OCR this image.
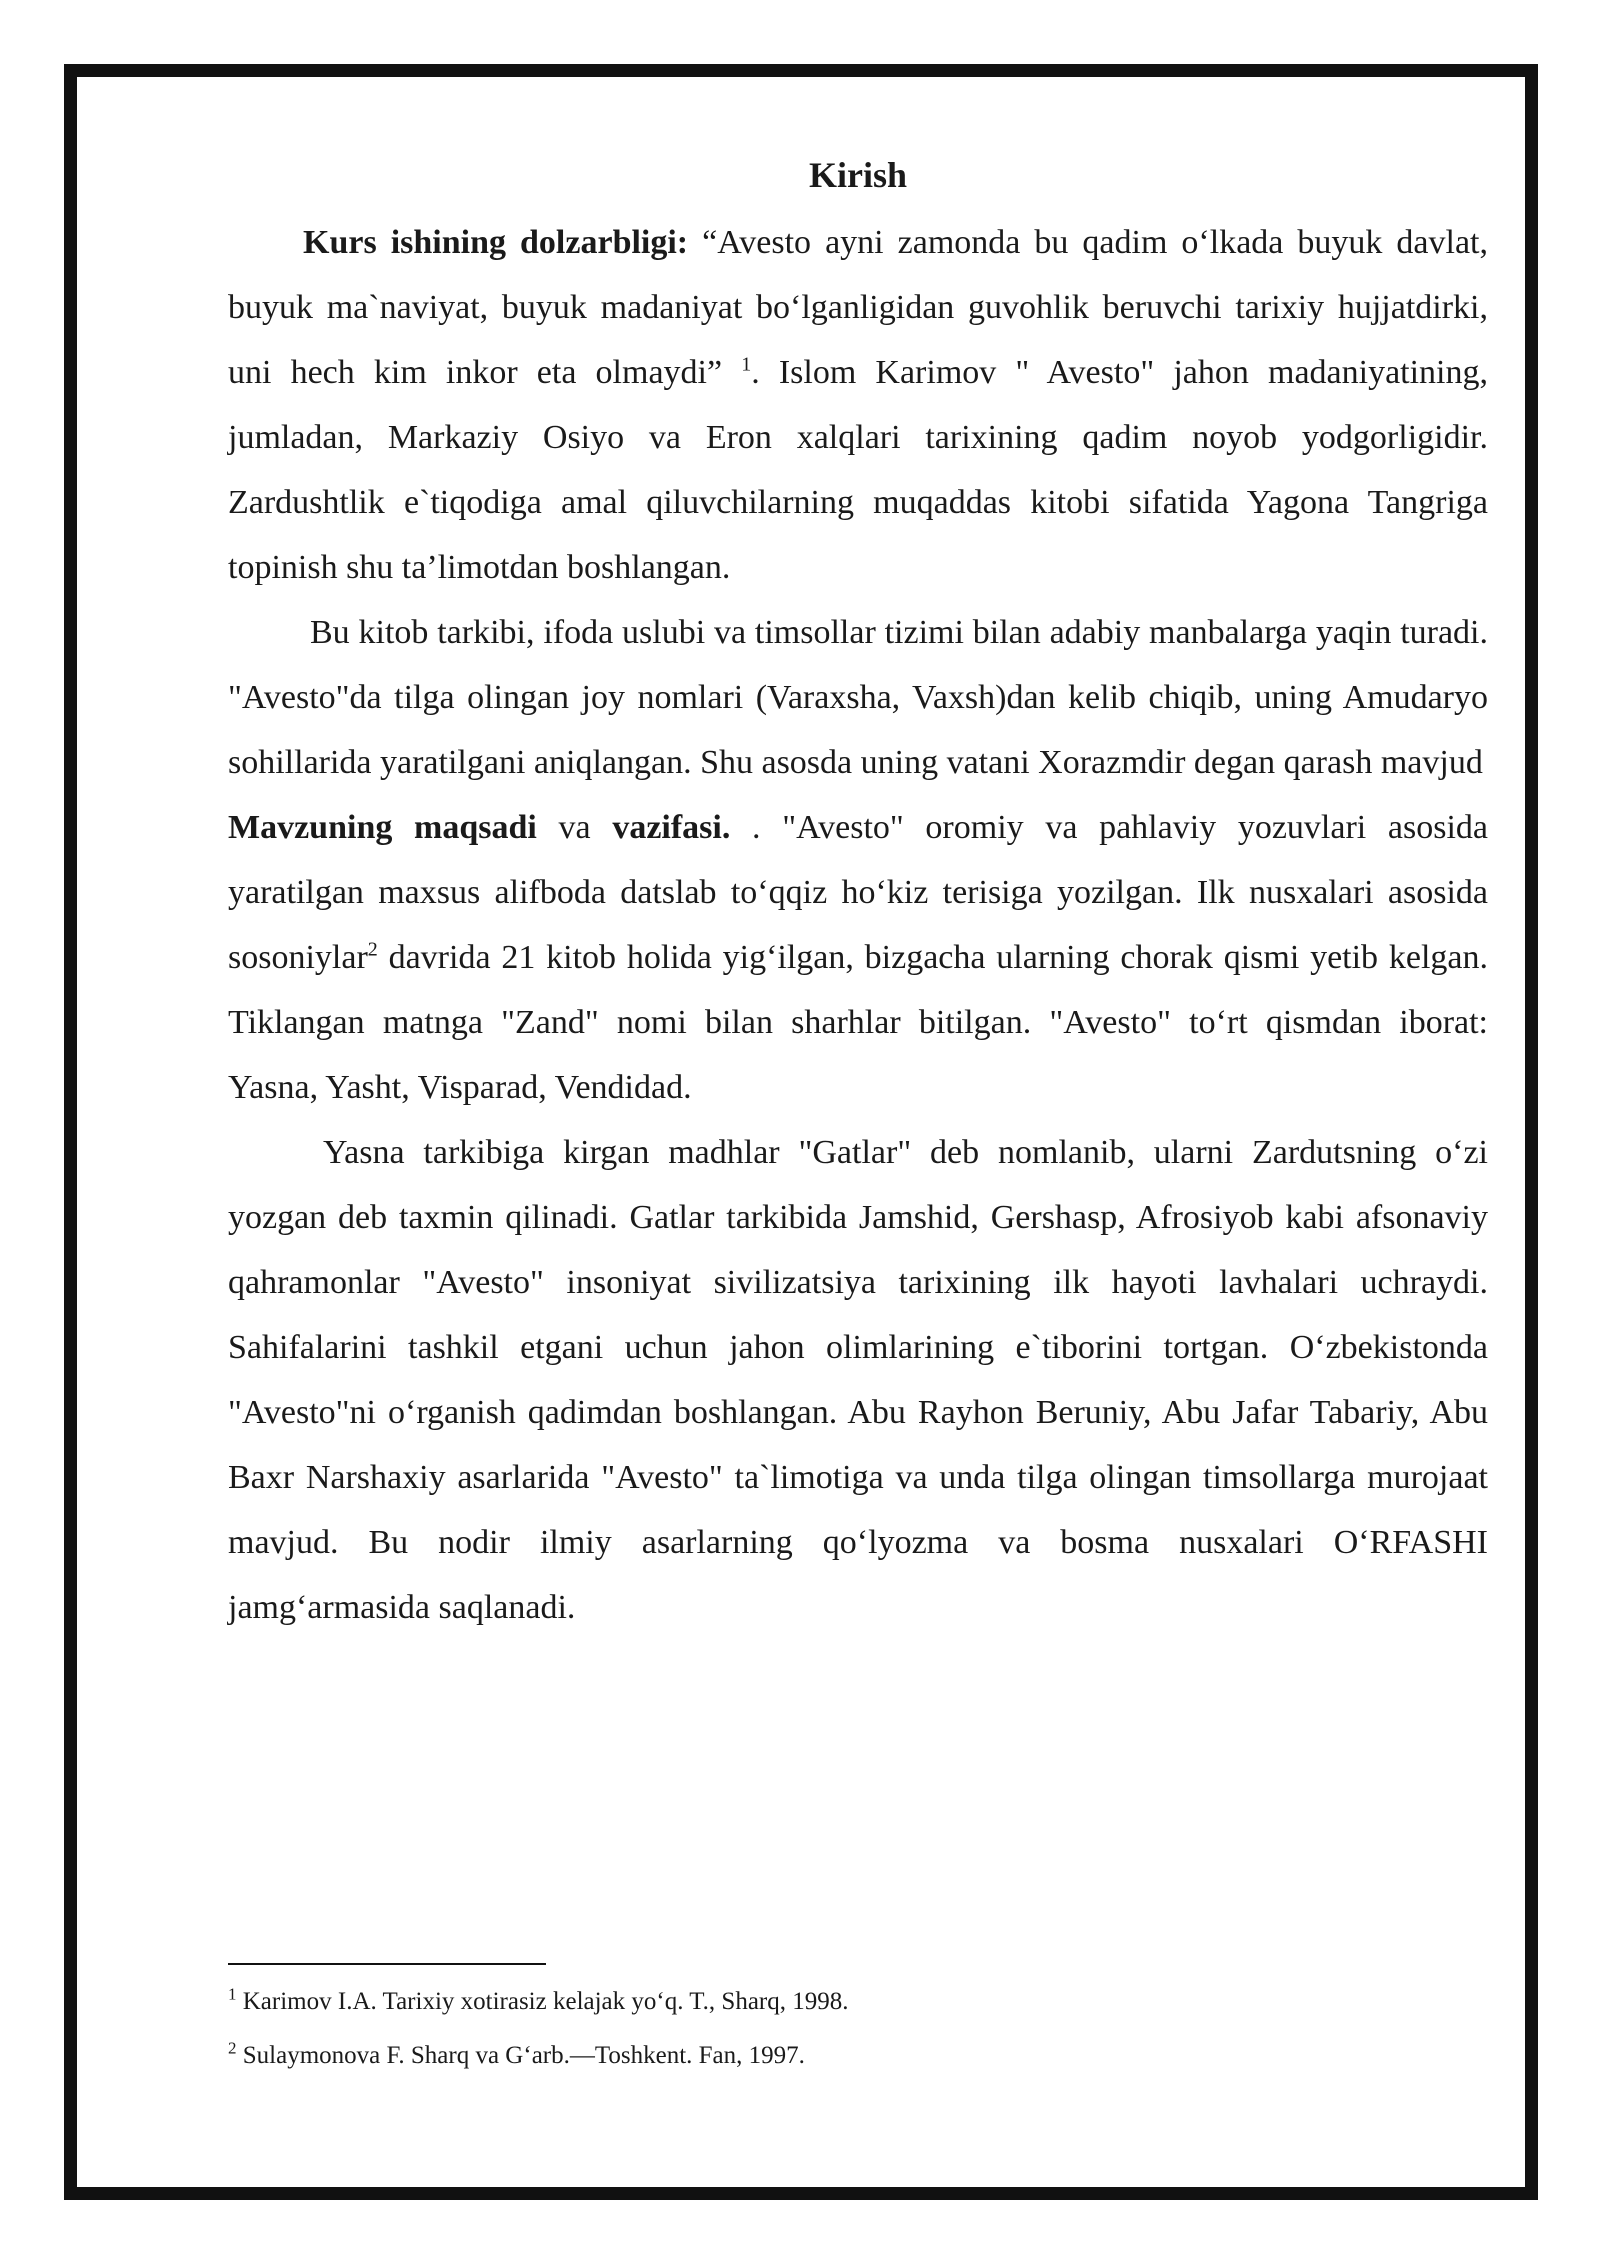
Kirish

Kurs ishining dolzarbligi: “Avesto ayni zamonda bu qadim o‘lkada buyuk davlat, buyuk ma`naviyat, buyuk madaniyat bo‘lganligidan guvohlik beruvchi tarixiy hujjatdirki, uni hech kim inkor eta olmaydi” $^1$. Islom Karimov " Avesto" jahon madaniyatining, jumladan, Markaziy Osiyo va Eron xalqlari tarixining qadim noyob yodgorligidir. Zardushtlik e`tiqodiga amal qiluvchilarning muqaddas kitobi sifatida Yagona Tangriga topinish shu ta’limotdan boshlangan.

Bu kitob tarkibi, ifoda uslubi va timsollar tizimi bilan adabiy manbalarga yaqin turadi. "Avesto"da tilga olingan joy nomlari (Varaxsha, Vaxsh)dan kelib chiqib, uning Amudaryo sohillarida yaratilgani aniqlangan. Shu asosda uning vatani Xorazmdir degan qarash mavjud

Mavzuning maqsadi va vazifasi. . "Avesto" oromiy va pahlaviy yozuvlari asosida yaratilgan maxsus alifboda datslab to‘qqiz ho‘kiz terisiga yozilgan. Ilk nusxalari asosida sosoniylar$^2$ davrida 21 kitob holida yig‘ilgan, bizgacha ularning chorak qismi yetib kelgan. Tiklangan matnga "Zand" nomi bilan sharhlar bitilgan. "Avesto" to‘rt qismdan iborat: Yasna, Yasht, Visparad, Vendidad.

Yasna tarkibiga kirgan madhlar "Gatlar" deb nomlanib, ularni Zardutsning o‘zi yozgan deb taxmin qilinadi. Gatlar tarkibida Jamshid, Gershasp, Afrosiyob kabi afsonaviy qahramonlar "Avesto" insoniyat sivilizatsiya tarixining ilk hayoti lavhalari uchraydi. Sahifalarini tashkil etgani uchun jahon olimlarining e`tiborini tortgan. O‘zbekistonda "Avesto"ni o‘rganish qadimdan boshlangan. Abu Rayhon Beruniy, Abu Jafar Tabariy, Abu Baxr Narshaxiy asarlarida "Avesto" ta`limotiga va unda tilga olingan timsollarga murojaat mavjud. Bu nodir ilmiy asarlarning qo‘lyozma va bosma nusxalari O‘RFASHI jamg‘armasida saqlanadi.

$^1$ Karimov I.A. Tarixiy xotirasiz kelajak yo‘q. T., Sharq, 1998.

$^2$ Sulaymonova F. Sharq va G‘arb.—Toshkent. Fan, 1997.
